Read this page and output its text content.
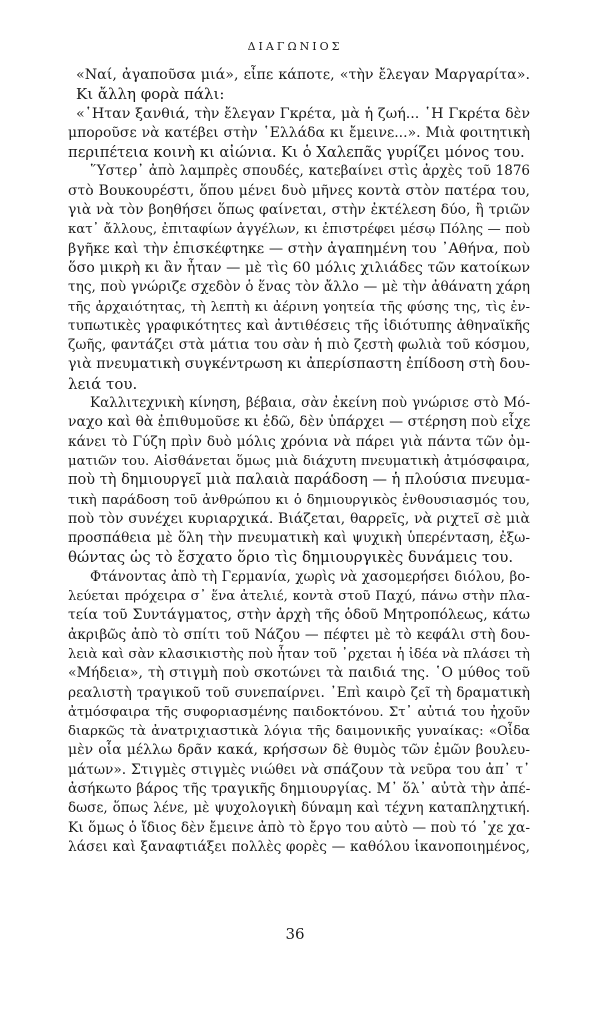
ΔΙΑΓΩΝΙΟΣ
«Ναί, ἀγαποῦσα μιά», εἶπε κάποτε, «τὴν ἔλεγαν Μαργαρίτα».
Κι ἄλλη φορὰ πάλι:
«῾Ηταν ξανθιά, τὴν ἔλεγαν Γκρέτα, μὰ ἡ ζωή... ῾Η Γκρέτα δὲν
μποροῦσε νὰ κατέβει στὴν ῾Ελλάδα κι ἔμεινε...». Μιὰ φοιτητικὴ
περιπέτεια κοινὴ κι αἰώνια. Κι ὁ Χαλεπᾶς γυρίζει μόνος του.
῞Υστερ᾽ ἀπὸ λαμπρὲς σπουδές, κατεβαίνει στὶς ἀρχὲς τοῦ 1876
στὸ Βουκουρέστι, ὅπου μένει δυὸ μῆνες κοντὰ στὸν πατέρα του,
γιὰ νὰ τὸν βοηθήσει ὅπως φαίνεται, στὴν ἐκτέλεση δύο, ἢ τριῶν
κατ᾽ ἄλλους, ἐπιταφίων ἀγγέλων, κι ἐπιστρέφει μέσῳ Πόλης — ποὺ
βγῆκε καὶ τὴν ἐπισκέφτηκε — στὴν ἀγαπημένη του ᾿Αθήνα, ποὺ
ὅσο μικρὴ κι ἂν ἦταν — μὲ τὶς 60 μόλις χιλιάδες τῶν κατοίκων
της, ποὺ γνώριζε σχεδὸν ὁ ἕνας τὸν ἄλλο — μὲ τὴν ἀθάνατη χάρη
τῆς ἀρχαιότητας, τὴ λεπτὴ κι ἀέρινη γοητεία τῆς φύσης της, τὶς ἐν-
τυπωτικὲς γραφικότητες καὶ ἀντιθέσεις τῆς ἰδιότυπης ἀθηναϊκῆς
ζωῆς, φαντάζει στὰ μάτια του σὰν ἡ πιὸ ζεστὴ φωλιὰ τοῦ κόσμου,
γιὰ πνευματικὴ συγκέντρωση κι ἀπερίσπαστη ἐπίδοση στὴ δου-
λειά του.
Καλλιτεχνικὴ κίνηση, βέβαια, σὰν ἐκείνη ποὺ γνώρισε στὸ Μό-
ναχο καὶ θὰ ἐπιθυμοῦσε κι ἐδῶ, δὲν ὑπάρχει — στέρηση ποὺ εἶχε
κάνει τὸ Γύζη πρὶν δυὸ μόλις χρόνια νὰ πάρει γιὰ πάντα τῶν ὀμ-
ματιῶν του. Αἰσθάνεται ὅμως μιὰ διάχυτη πνευματικὴ ἀτμόσφαιρα,
ποὺ τὴ δημιουργεῖ μιὰ παλαιὰ παράδοση — ἡ πλούσια πνευμα-
τικὴ παράδοση τοῦ ἀνθρώπου κι ὁ δημιουργικὸς ἐνθουσιασμός του,
ποὺ τὸν συνέχει κυριαρχικά. Βιάζεται, θαρρεῖς, νὰ ριχτεῖ σὲ μιὰ
προσπάθεια μὲ ὅλη τὴν πνευματικὴ καὶ ψυχικὴ ὑπερένταση, ἐξω-
θώντας ὡς τὸ ἔσχατο ὅριο τὶς δημιουργικὲς δυνάμεις του.
Φτάνοντας ἀπὸ τὴ Γερμανία, χωρὶς νὰ χασομερήσει διόλου, βο-
λεύεται πρόχειρα σ᾽ ἕνα ἀτελιέ, κοντὰ στοῦ Παχύ, πάνω στὴν πλα-
τεία τοῦ Συντάγματος, στὴν ἀρχὴ τῆς ὁδοῦ Μητροπόλεως, κάτω
ἀκριβῶς ἀπὸ τὸ σπίτι τοῦ Νάζου — πέφτει μὲ τὸ κεφάλι στὴ δου-
λειὰ καὶ σὰν κλασικιστὴς ποὺ ἦταν τοῦ ᾽ρχεται ἡ ἰδέα νὰ πλάσει τὴ
«Μήδεια», τὴ στιγμὴ ποὺ σκοτώνει τὰ παιδιά της. ῾Ο μύθος τοῦ
ρεαλιστὴ τραγικοῦ τοῦ συνεπαίρνει. ᾿Επὶ καιρὸ ζεῖ τὴ δραματικὴ
ἀτμόσφαιρα τῆς συφοριασμένης παιδοκτόνου. Στ᾽ αὐτιά του ἠχοῦν
διαρκῶς τὰ ἀνατριχιαστικὰ λόγια τῆς δαιμονικῆς γυναίκας: «Οἶδα
μὲν οἷα μέλλω δρᾶν κακά, κρήσσων δὲ θυμὸς τῶν ἐμῶν βουλευ-
μάτων». Στιγμὲς στιγμὲς νιώθει νὰ σπάζουν τὰ νεῦρα του ἀπ᾽ τ᾽
ἀσήκωτο βάρος τῆς τραγικῆς δημιουργίας. Μ᾽ ὅλ᾽ αὐτὰ τὴν ἀπέ-
δωσε, ὅπως λένε, μὲ ψυχολογικὴ δύναμη καὶ τέχνη καταπληχτική.
Κι ὅμως ὁ ἴδιος δὲν ἔμεινε ἀπὸ τὸ ἔργο του αὐτὸ — ποὺ τό ᾽χε χα-
λάσει καὶ ξαναφτιάξει πολλὲς φορὲς — καθόλου ἱκανοποιημένος,
36
